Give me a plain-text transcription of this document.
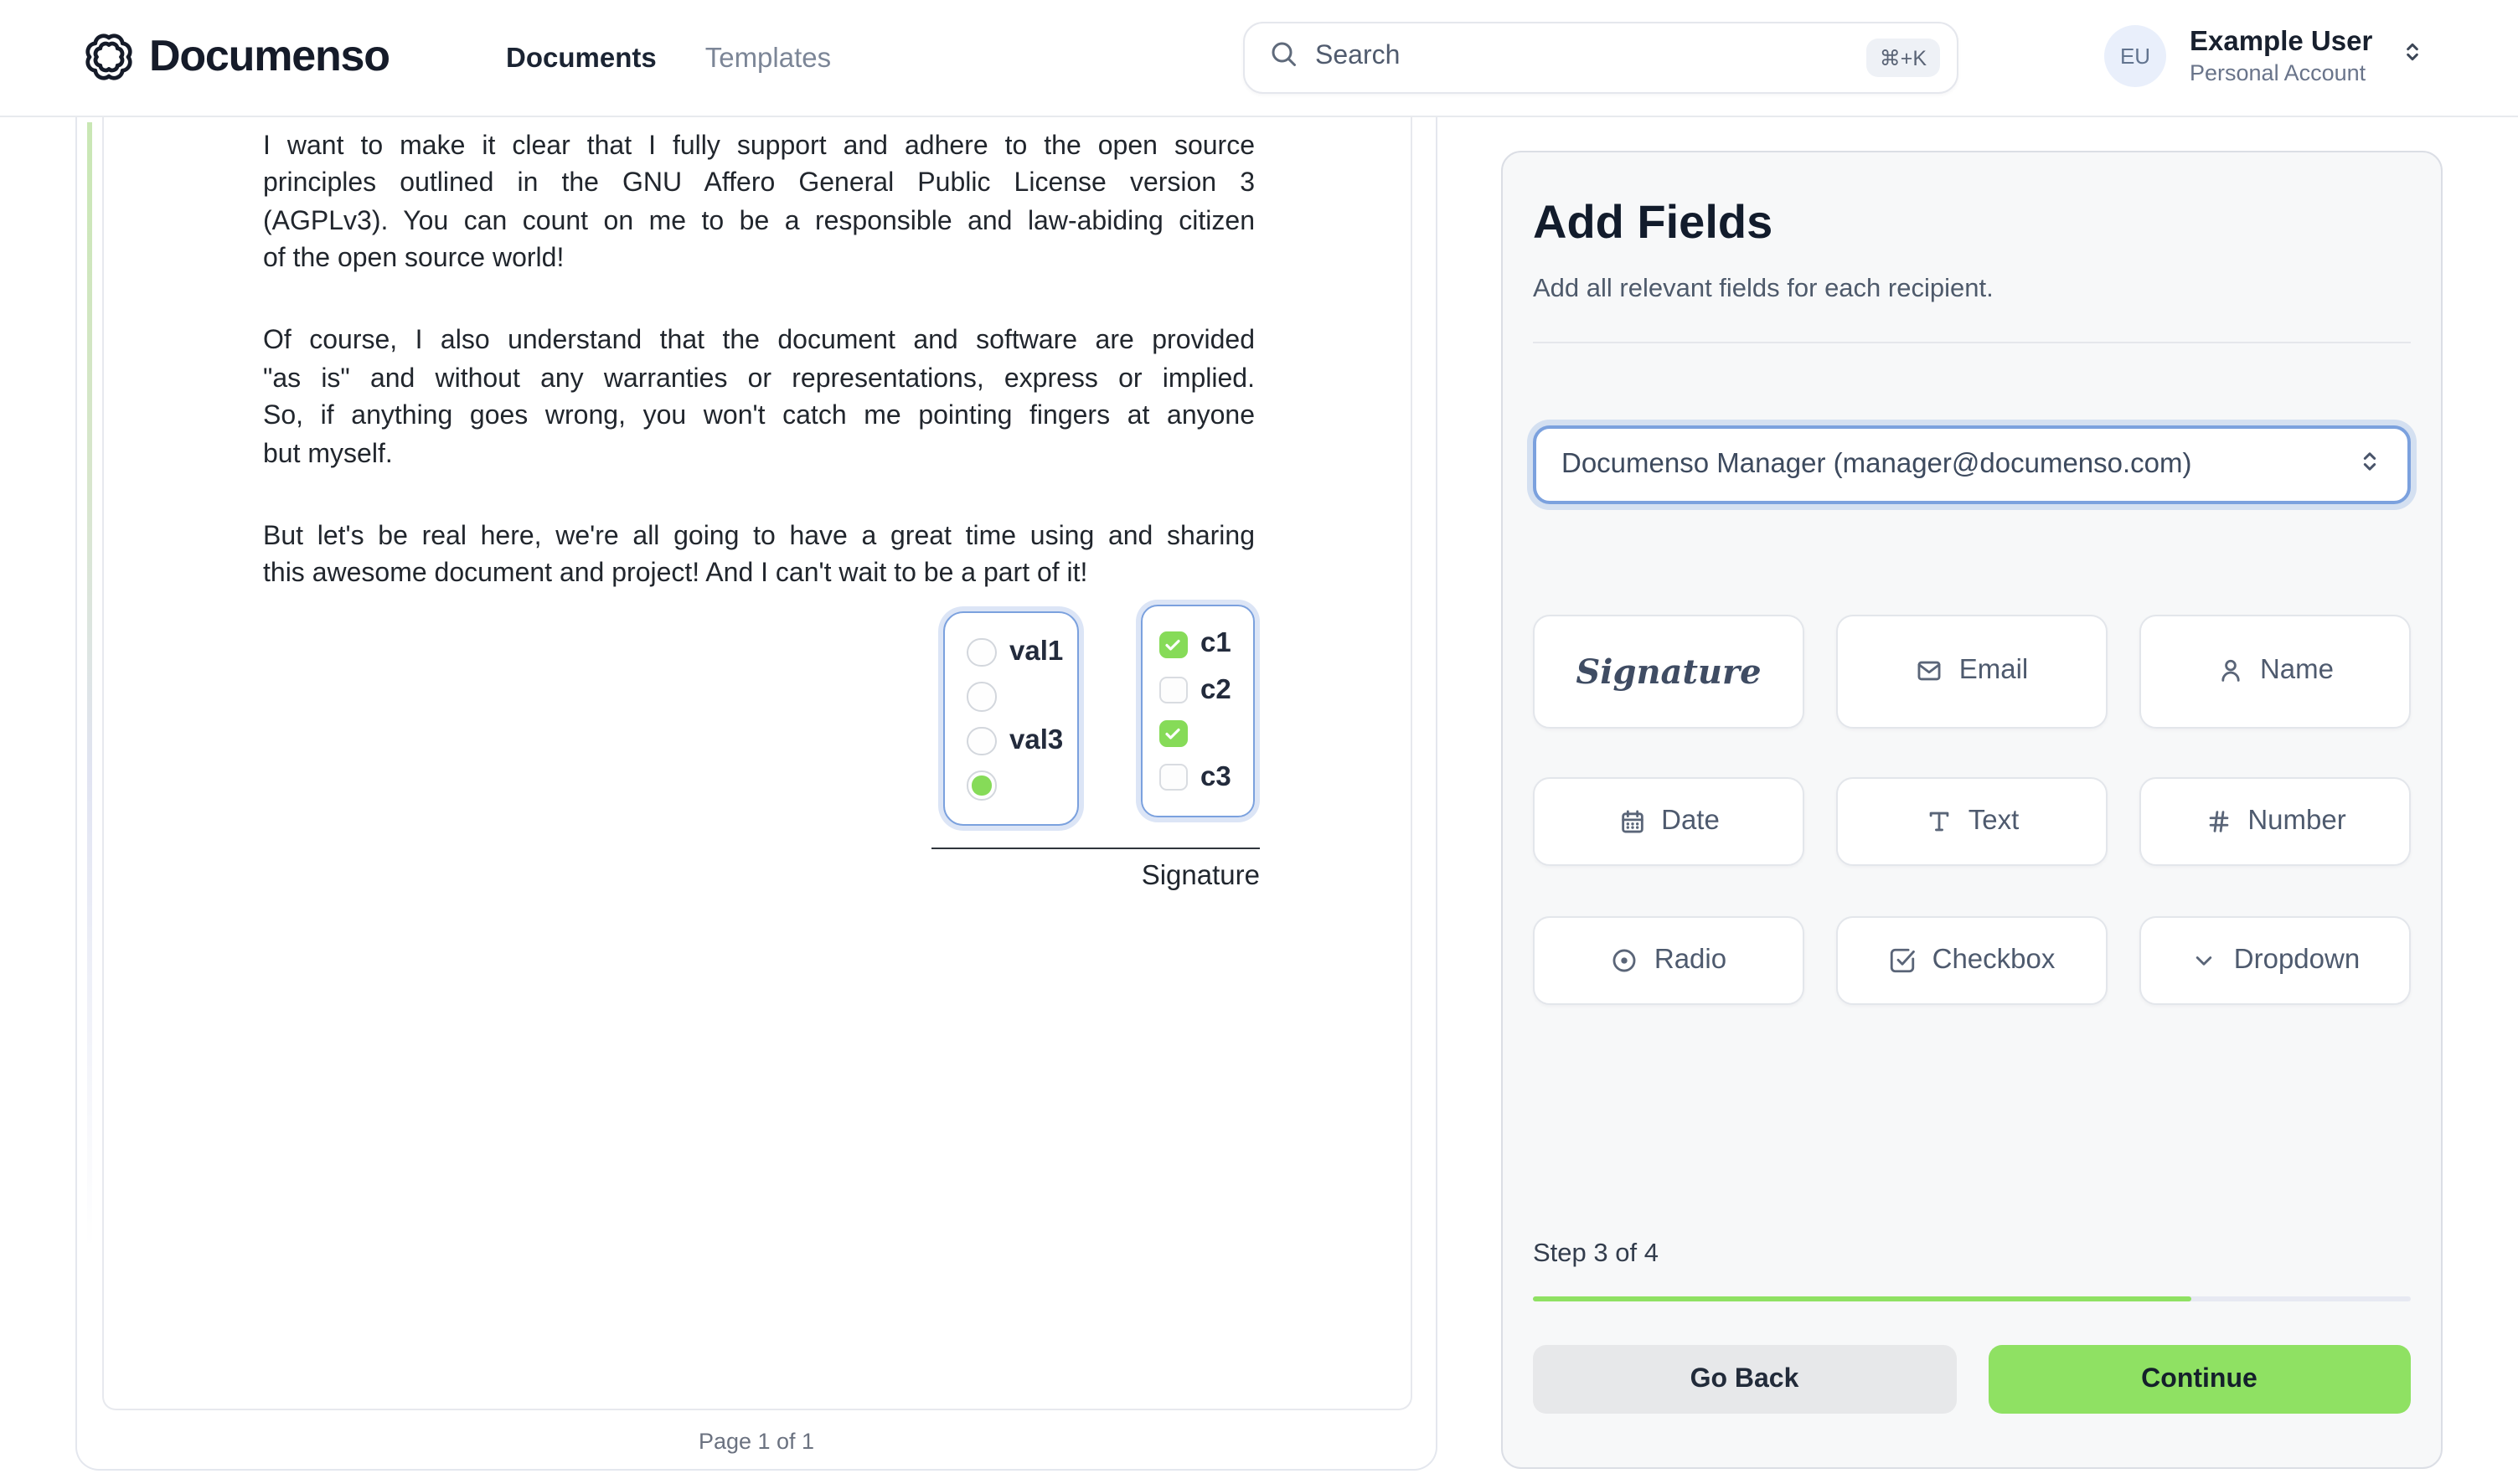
Documenso	Documents	Templates
Search	⌘+K	EU	Example User
Personal Account
I want to make it clear that I fully support and adhere to the open source
principles outlined in the GNU Affero General Public License version 3
(AGPLv3). You can count on me to be a responsible and law-abiding citizen
of the open source world!
Of course, I also understand that the document and software are provided
"as is" and without any warranties or representations, express or implied.
So, if anything goes wrong, you won't catch me pointing fingers at anyone
but myself.
But let's be real here, we're all going to have a great time using and sharing
this awesome document and project! And I can't wait to be a part of it!
val1
val3
c1
c2
c3
Signature
Page 1 of 1
Add Fields
Add all relevant fields for each recipient.
Documenso Manager (manager@documenso.com)
Signature	Email	Name
Date	Text	Number
Radio	Checkbox	Dropdown
Step 3 of 4
Go Back	Continue
